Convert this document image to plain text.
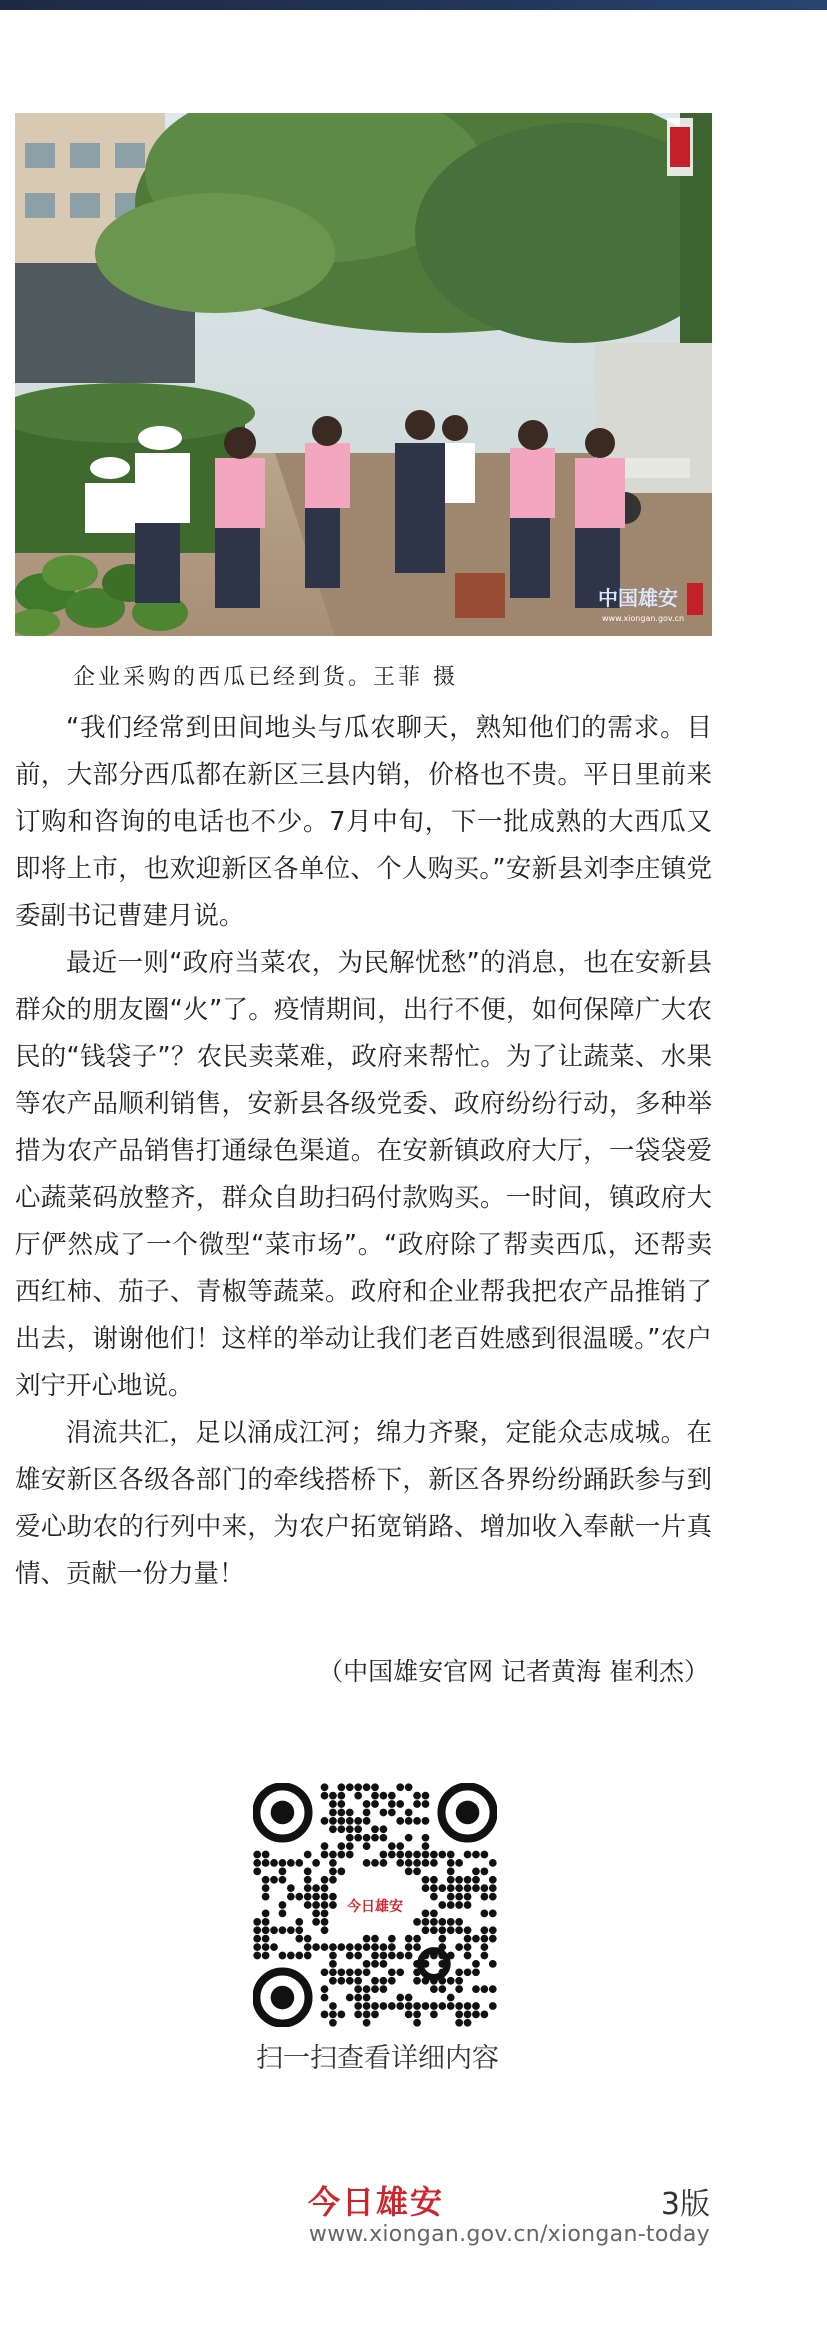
中国雄安
www.xiongan.gov.cn
企业采购的西瓜已经到货。王菲 摄

“我们经常到田间地头与瓜农聊天，熟知他们的需求。目前，大部分西瓜都在新区三县内销，价格也不贵。平日里前来订购和咨询的电话也不少。7月中旬，下一批成熟的大西瓜又即将上市，也欢迎新区各单位、个人购买。”安新县刘李庄镇党委副书记曹建月说。

最近一则“政府当菜农，为民解忧愁”的消息，也在安新县群众的朋友圈“火”了。疫情期间，出行不便，如何保障广大农民的“钱袋子”？农民卖菜难，政府来帮忙。为了让蔬菜、水果等农产品顺利销售，安新县各级党委、政府纷纷行动，多种举措为农产品销售打通绿色渠道。在安新镇政府大厅，一袋袋爱心蔬菜码放整齐，群众自助扫码付款购买。一时间，镇政府大厅俨然成了一个微型“菜市场”。“政府除了帮卖西瓜，还帮卖西红柿、茄子、青椒等蔬菜。政府和企业帮我把农产品推销了出去，谢谢他们！这样的举动让我们老百姓感到很温暖。”农户刘宁开心地说。

涓流共汇，足以涌成江河；绵力齐聚，定能众志成城。在雄安新区各级各部门的牵线搭桥下，新区各界纷纷踊跃参与到爱心助农的行列中来，为农户拓宽销路、增加收入奉献一片真情、贡献一份力量！

（中国雄安官网 记者黄海 崔利杰）
今日雄安
扫一扫查看详细内容
今日雄安	3版
www.xiongan.gov.cn/xiongan-today
